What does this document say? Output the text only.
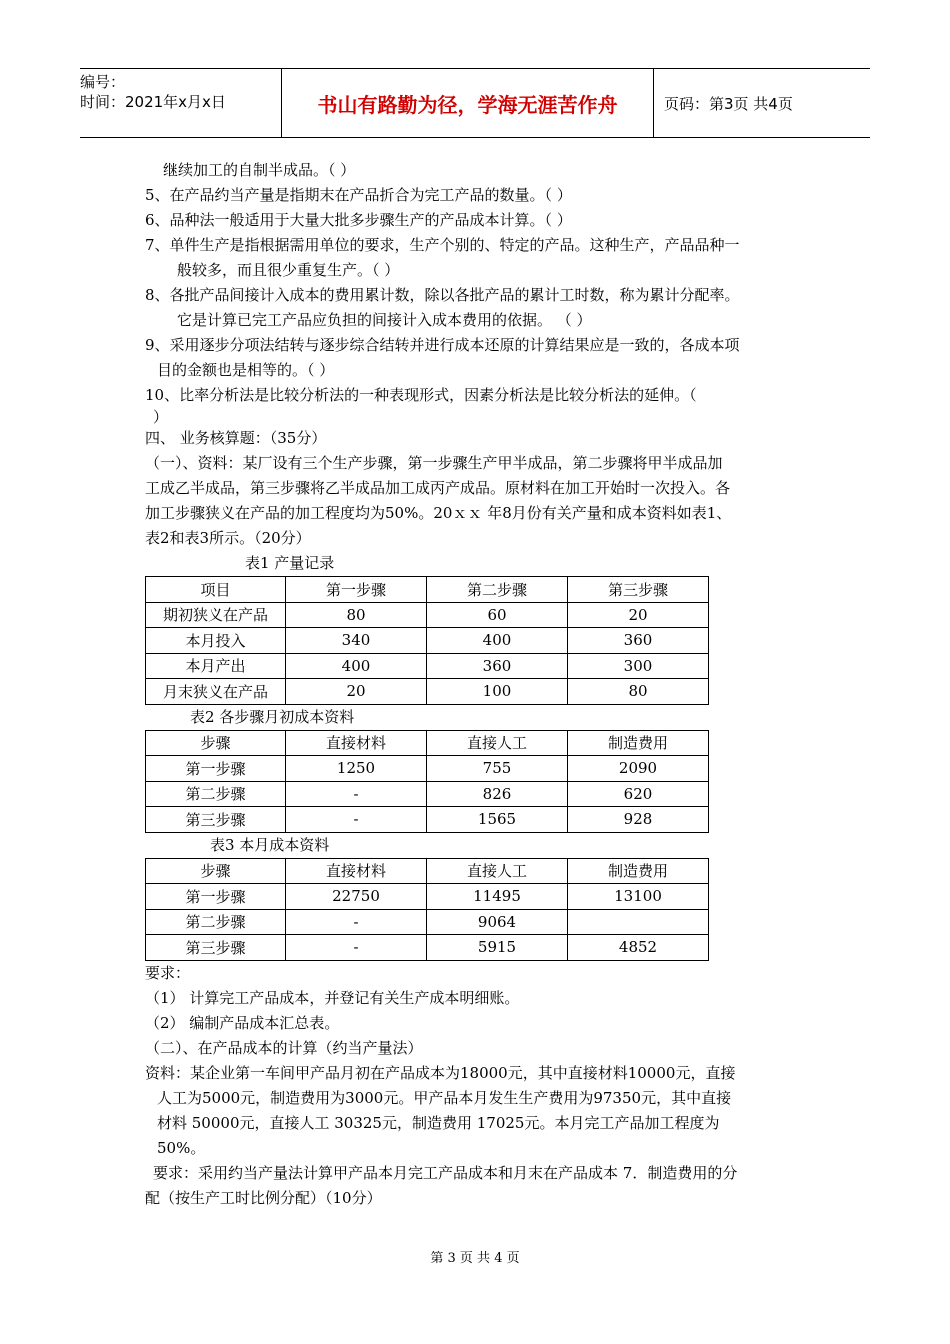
编号：
时间：2021年x月x日	书山有路勤为径，学海无涯苦作舟	页码：第3页 共4页

继续加工的自制半成品。（ ）

5、在产品约当产量是指期末在产品折合为完工产品的数量。（ ）

6、品种法一般适用于大量大批多步骤生产的产品成本计算。（ ）

7、单件生产是指根据需用单位的要求，生产个别的、特定的产品。这种生产，产品品种一

般较多，而且很少重复生产。（ ）

8、各批产品间接计入成本的费用累计数，除以各批产品的累计工时数，称为累计分配率。

它是计算已完工产品应负担的间接计入成本费用的依据。 （ ）

9、采用逐步分项法结转与逐步综合结转并进行成本还原的计算结果应是一致的，各成本项

目的金额也是相等的。（ ）

10、比率分析法是比较分析法的一种表现形式，因素分析法是比较分析法的延伸。（

）

四、 业务核算题：（35分）

（一）、资料：某厂设有三个生产步骤，第一步骤生产甲半成品，第二步骤将甲半成品加

工成乙半成品，第三步骤将乙半成品加工成丙产成品。原材料在加工开始时一次投入。各

加工步骤狭义在产品的加工程度均为50%。20ｘｘ 年8月份有关产量和成本资料如表1、

表2和表3所示。（20分）

表1 产量记录

项目	第一步骤	第二步骤	第三步骤
期初狭义在产品	80	60	20
本月投入	340	400	360
本月产出	400	360	300
月末狭义在产品	20	100	80

表2 各步骤月初成本资料

步骤	直接材料	直接人工	制造费用
第一步骤	1250	755	2090
第二步骤	-	826	620
第三步骤	-	1565	928

表3 本月成本资料

步骤	直接材料	直接人工	制造费用
第一步骤	22750	11495	13100
第二步骤	-	9064	
第三步骤	-	5915	4852

要求：

（1） 计算完工产品成本，并登记有关生产成本明细账。

（2） 编制产品成本汇总表。

（二）、在产品成本的计算（约当产量法）

资料：某企业第一车间甲产品月初在产品成本为18000元，其中直接材料10000元，直接

人工为5000元，制造费用为3000元。甲产品本月发生生产费用为97350元，其中直接

材料 50000元，直接人工 30325元，制造费用 17025元。本月完工产品加工程度为

50%。

要求：采用约当产量法计算甲产品本月完工产品成本和月末在产品成本 7．制造费用的分

配（按生产工时比例分配）（10分）

第 3 页 共 4 页
